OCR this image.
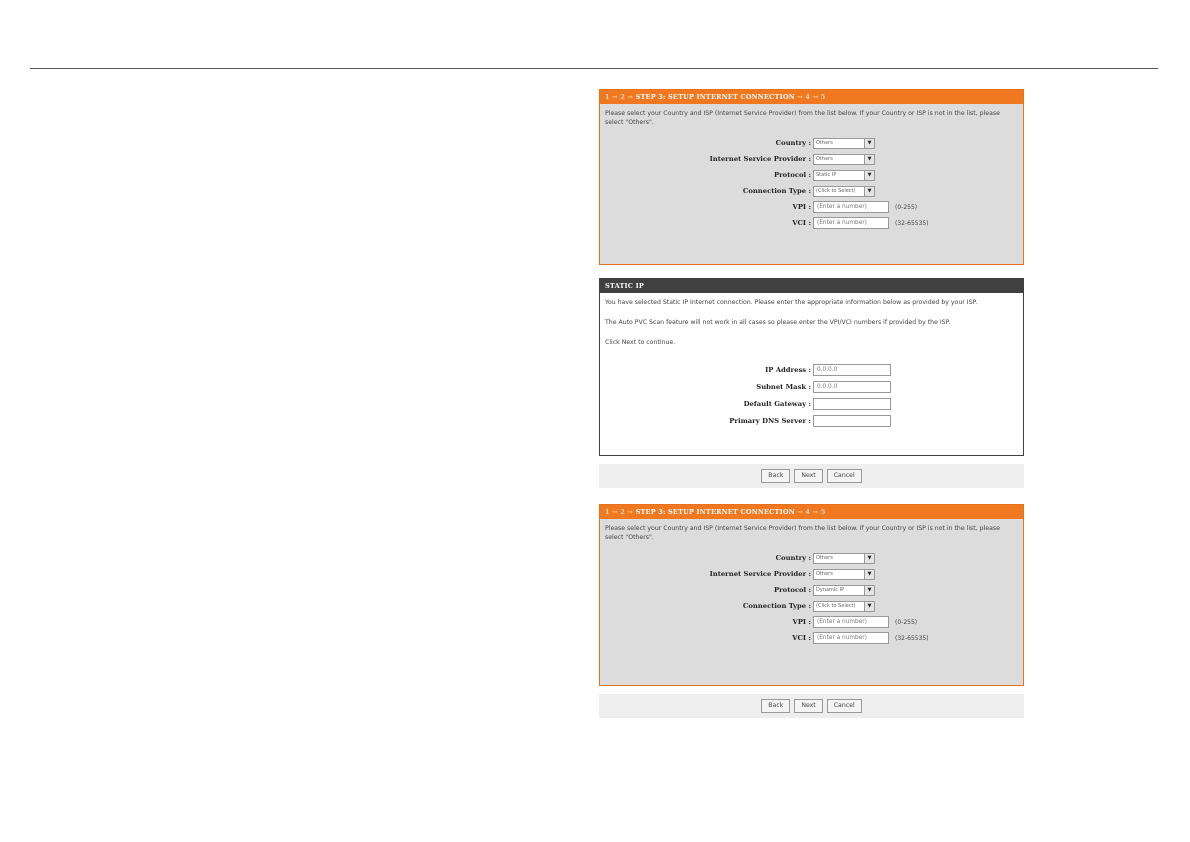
1 → 2 → STEP 3: SETUP INTERNET CONNECTION → 4 → 5
Please select your Country and ISP (Internet Service Provider) from the list below. If your Country or ISP is not in the list, please select "Others".
Country :	Others	▼
Internet Service Provider :	Others	▼
Protocol :	Static IP	▼
Connection Type :	(Click to Select)	▼
VPI :	(Enter a number)	(0-255)
VCI :	(Enter a number)	(32-65535)
STATIC IP
You have selected Static IP Internet connection. Please enter the appropriate information below as provided by your ISP.
The Auto PVC Scan feature will not work in all cases so please enter the VPI/VCI numbers if provided by the ISP.
Click Next to continue.
IP Address :	0.0.0.0
Subnet Mask :	0.0.0.0
Default Gateway :
Primary DNS Server :
Back	Next	Cancel
1 → 2 → STEP 3: SETUP INTERNET CONNECTION → 4 → 5
Please select your Country and ISP (Internet Service Provider) from the list below. If your Country or ISP is not in the list, please select "Others".
Country :	Others	▼
Internet Service Provider :	Others	▼
Protocol :	Dynamic IP	▼
Connection Type :	(Click to Select)	▼
VPI :	(Enter a number)	(0-255)
VCI :	(Enter a number)	(32-65535)
Back	Next	Cancel
